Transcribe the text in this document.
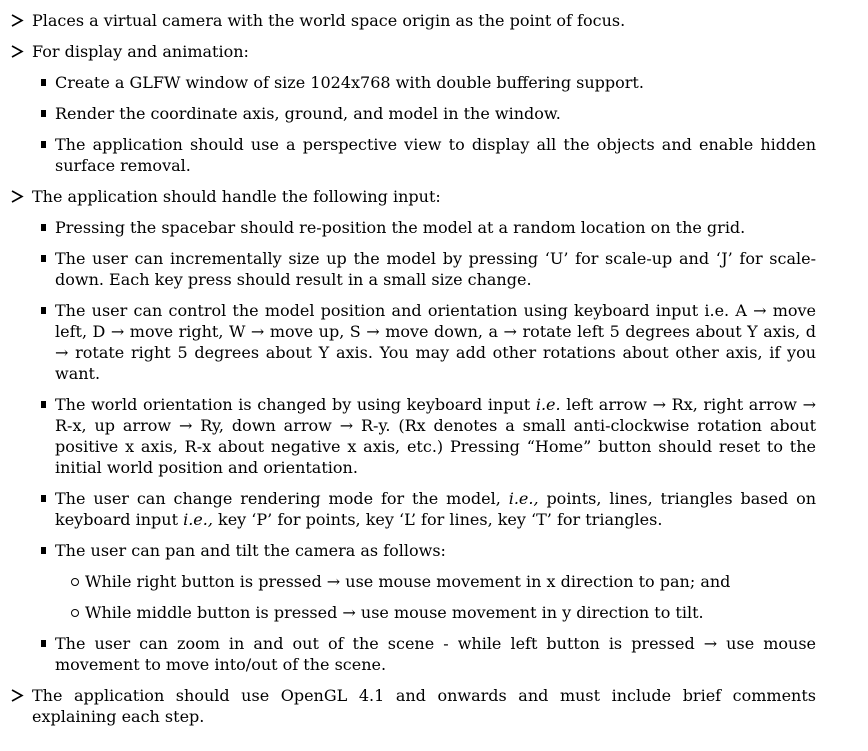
Places a virtual camera with the world space origin as the point of focus.
For display and animation:
Create a GLFW window of size 1024x768 with double buffering support.
Render the coordinate axis, ground, and model in the window.
The application should use a perspective view to display all the objects and enable hidden surface removal.
The application should handle the following input:
Pressing the spacebar should re-position the model at a random location on the grid.
The user can incrementally size up the model by pressing ‘U’ for scale-up and ‘J’ for scale-down. Each key press should result in a small size change.
The user can control the model position and orientation using keyboard input i.e. A → move left, D → move right, W → move up, S → move down, a → rotate left 5 degrees about Y axis, d → rotate right 5 degrees about Y axis. You may add other rotations about other axis, if you want.
The world orientation is changed by using keyboard input i.e. left arrow → Rx, right arrow → R-x, up arrow → Ry, down arrow → R-y. (Rx denotes a small anti-clockwise rotation about positive x axis, R-x about negative x axis, etc.) Pressing “Home” button should reset to the initial world position and orientation.
The user can change rendering mode for the model, i.e., points, lines, triangles based on keyboard input i.e., key ‘P’ for points, key ‘L’ for lines, key ‘T’ for triangles.
The user can pan and tilt the camera as follows:
While right button is pressed → use mouse movement in x direction to pan; and
While middle button is pressed → use mouse movement in y direction to tilt.
The user can zoom in and out of the scene - while left button is pressed → use mouse movement to move into/out of the scene.
The application should use OpenGL 4.1 and onwards and must include brief comments explaining each step.
